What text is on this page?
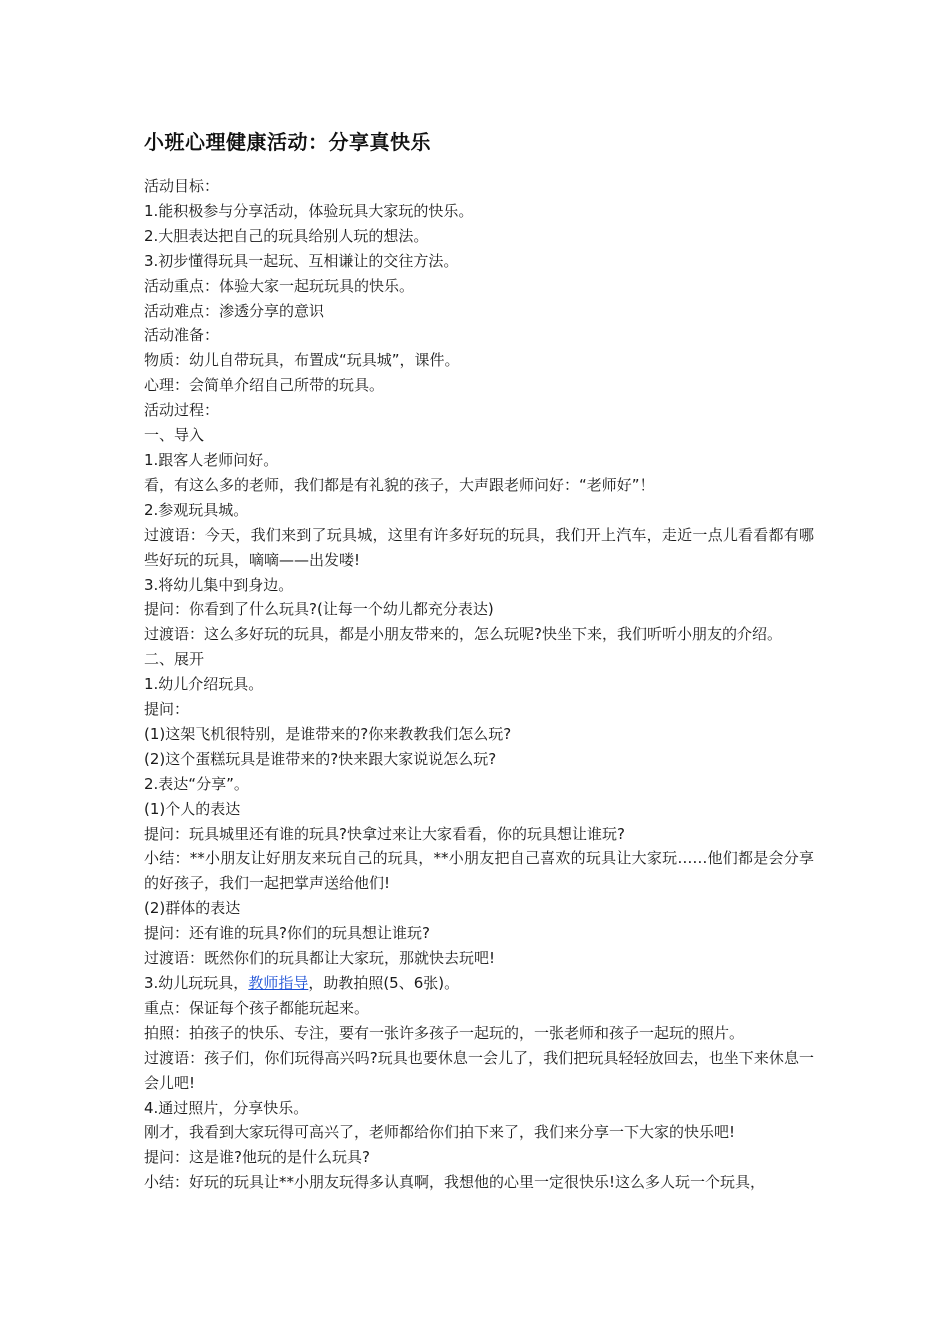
小班心理健康活动：分享真快乐
活动目标：
1.能积极参与分享活动，体验玩具大家玩的快乐。
2.大胆表达把自己的玩具给别人玩的想法。
3.初步懂得玩具一起玩、互相谦让的交往方法。
活动重点：体验大家一起玩玩具的快乐。
活动难点：渗透分享的意识
活动准备：
物质：幼儿自带玩具，布置成“玩具城”，课件。
心理：会简单介绍自己所带的玩具。
活动过程：
一、导入
1.跟客人老师问好。
看，有这么多的老师，我们都是有礼貌的孩子，大声跟老师问好：“老师好”！
2.参观玩具城。
过渡语：今天，我们来到了玩具城，这里有许多好玩的玩具，我们开上汽车，走近一点儿看看都有哪些好玩的玩具，嘀嘀——出发喽!
3.将幼儿集中到身边。
提问：你看到了什么玩具?(让每一个幼儿都充分表达)
过渡语：这么多好玩的玩具，都是小朋友带来的，怎么玩呢?快坐下来，我们听听小朋友的介绍。
二、展开
1.幼儿介绍玩具。
提问：
(1)这架飞机很特别，是谁带来的?你来教教我们怎么玩?
(2)这个蛋糕玩具是谁带来的?快来跟大家说说怎么玩?
2.表达“分享”。
(1)个人的表达
提问：玩具城里还有谁的玩具?快拿过来让大家看看，你的玩具想让谁玩?
小结：**小朋友让好朋友来玩自己的玩具，**小朋友把自己喜欢的玩具让大家玩……他们都是会分享的好孩子，我们一起把掌声送给他们!
(2)群体的表达
提问：还有谁的玩具?你们的玩具想让谁玩?
过渡语：既然你们的玩具都让大家玩，那就快去玩吧!
3.幼儿玩玩具，教师指导，助教拍照(5、6张)。
重点：保证每个孩子都能玩起来。
拍照：拍孩子的快乐、专注，要有一张许多孩子一起玩的，一张老师和孩子一起玩的照片。
过渡语：孩子们，你们玩得高兴吗?玩具也要休息一会儿了，我们把玩具轻轻放回去，也坐下来休息一会儿吧!
4.通过照片，分享快乐。
刚才，我看到大家玩得可高兴了，老师都给你们拍下来了，我们来分享一下大家的快乐吧!
提问：这是谁?他玩的是什么玩具?
小结：好玩的玩具让**小朋友玩得多认真啊，我想他的心里一定很快乐!这么多人玩一个玩具，
